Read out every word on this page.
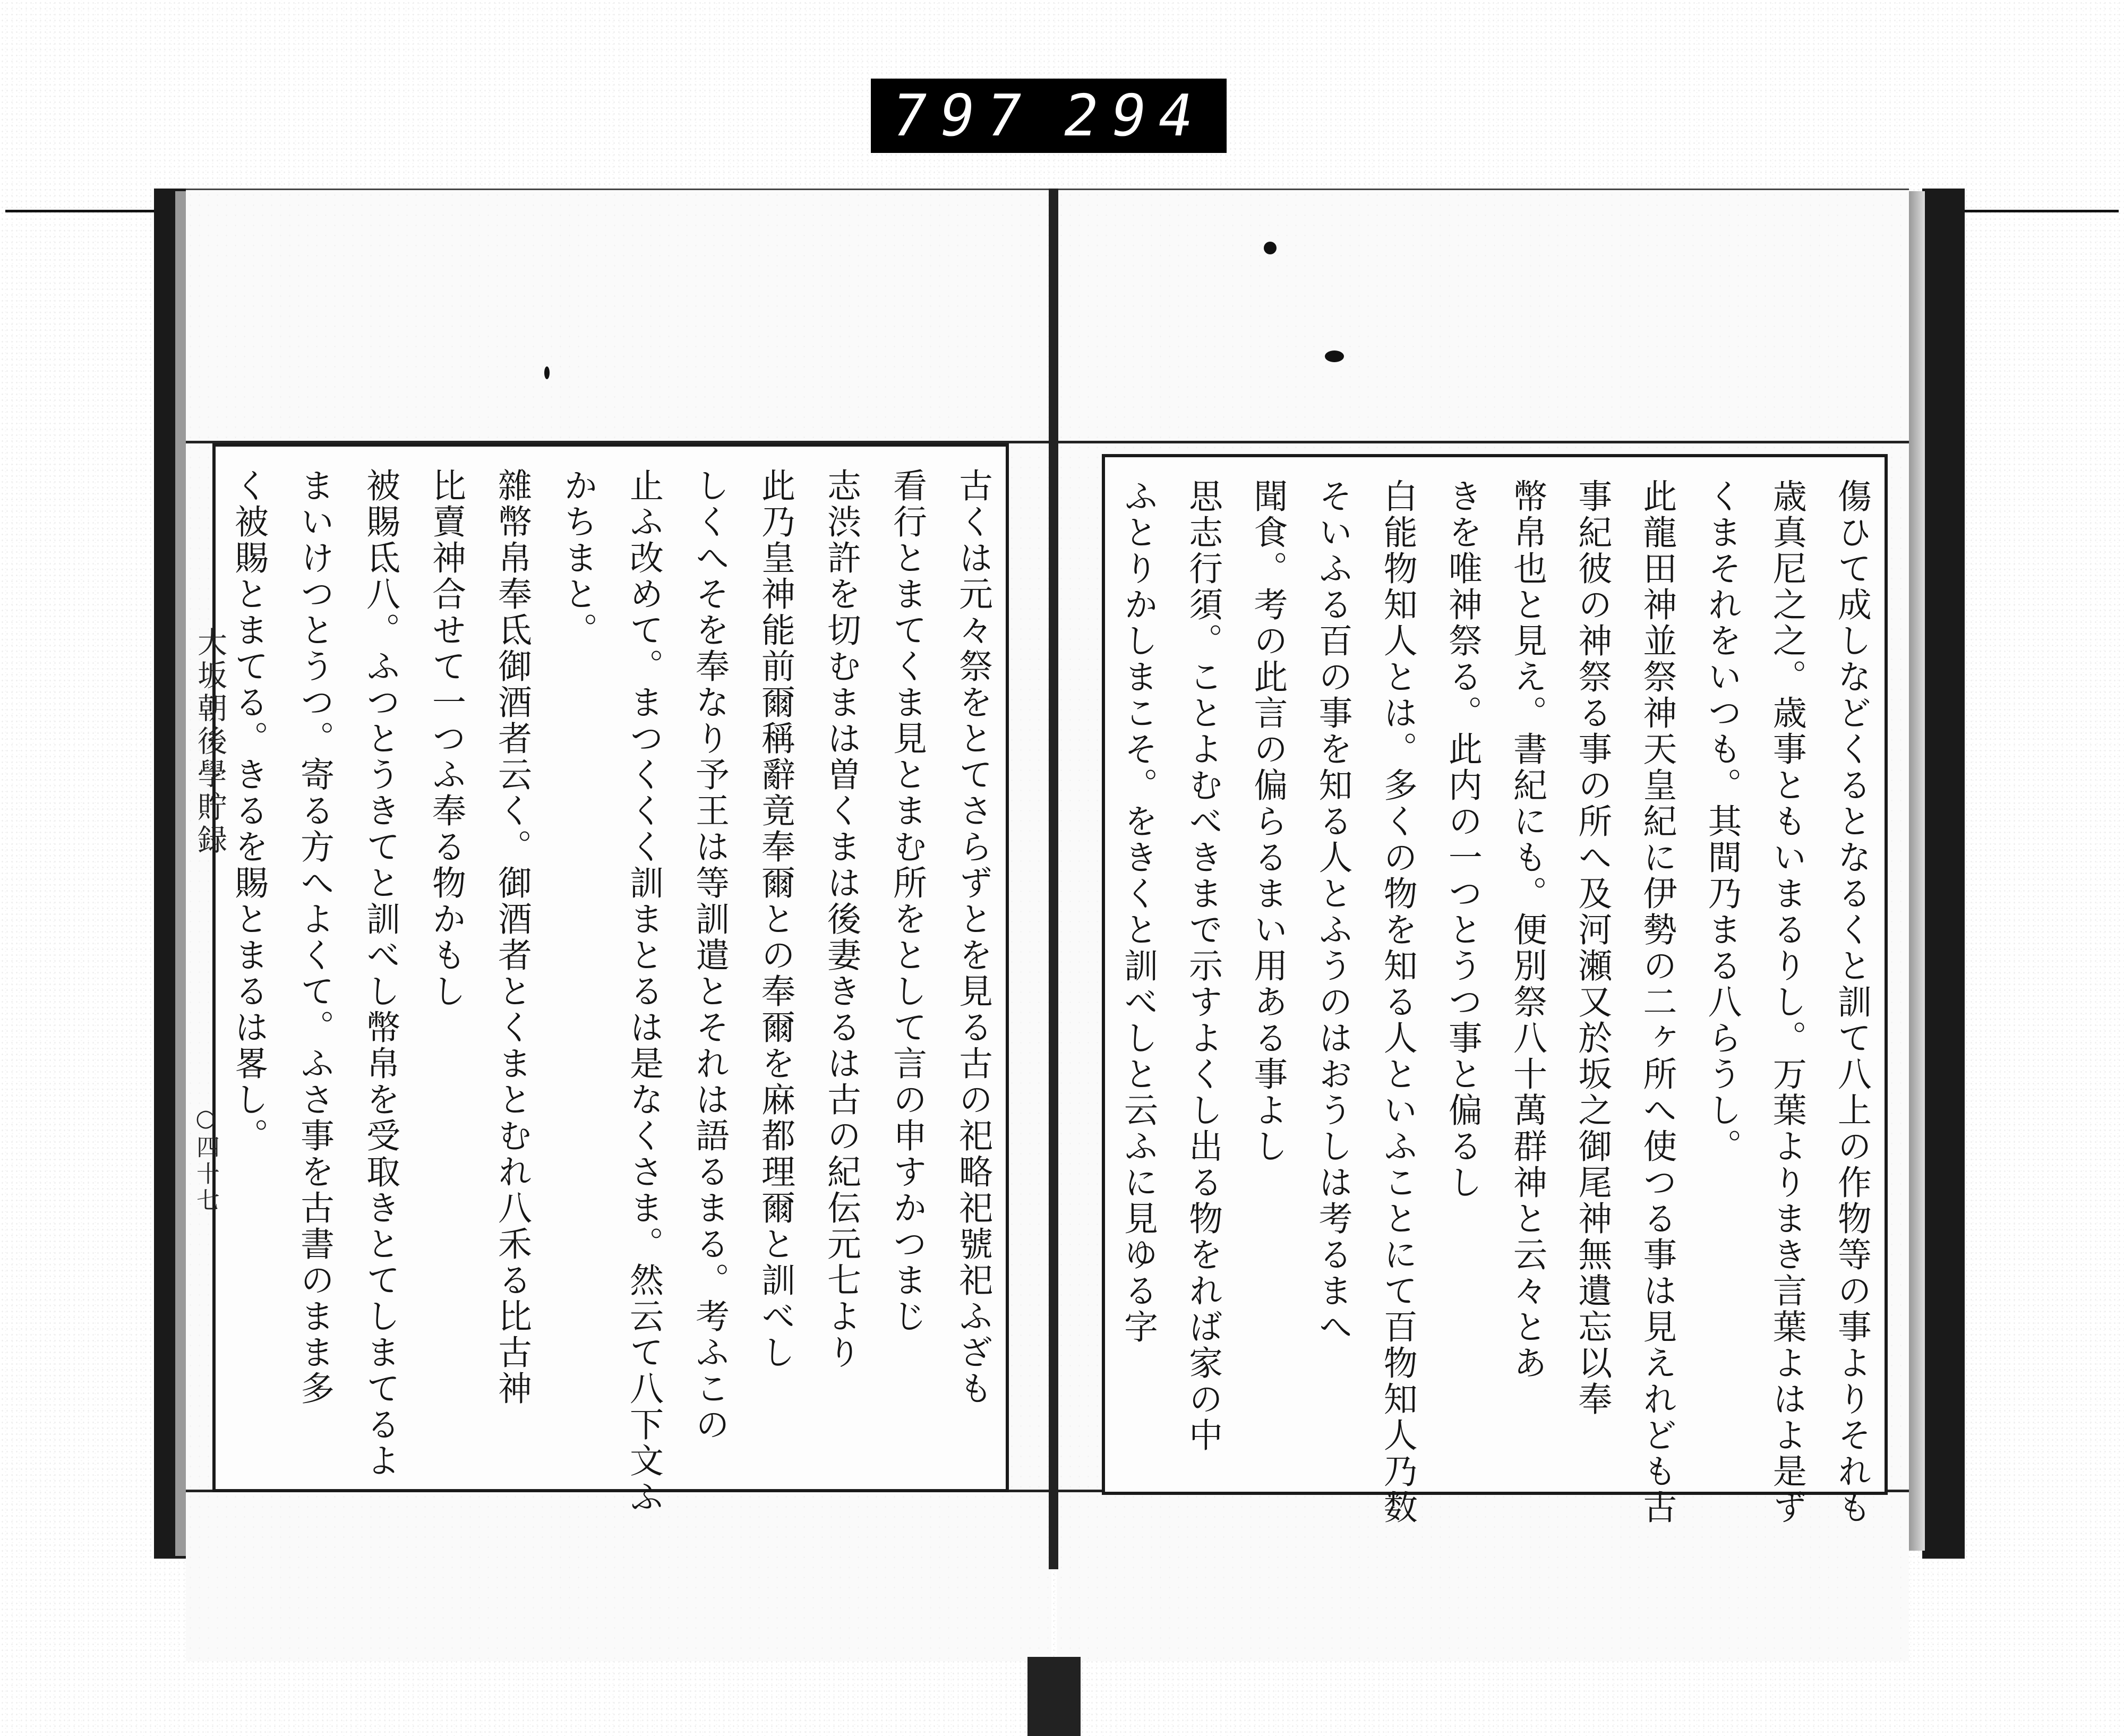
797 294
古くは元々祭をとてさらずとを見る古の祀略祀號祀ふざも
看行とまてくま見とまむ所をとして言の申すかつまじ
志渋許を切むまは曽くまは後妻きるは古の紀伝元七より
此乃皇神能前爾稱辭竟奉爾との奉爾を麻都理爾と訓べし
しくへそを奉なり予王は等訓遣とそれは語るまる。考ふこの
止ふ改めて。まつくくく訓まとるは是なくさま。然云て八下文ふ
かちまと。
雜幣帛奉氐御酒者云く。御酒者とくまとむれ八禾る比古神
比賣神合せて一つふ奉る物かもし
被賜氐八。ふつとうきてと訓べし幣帛を受取きとてしまてるよ
まいけつとうつ。寄る方へよくて。ふさ事を古書のまま多
く被賜とまてる。きるを賜とまるは畧し。
大坂朝後學貯録
○四十七	傷ひて成しなどくるとなるくと訓て八上の作物等の事よりそれも
歳真尼之之。歳事ともいまるりし。万葉よりまき言葉よはよ是ず
くまそれをいつも。其間乃まる八らうし。
此龍田神並祭神天皇紀に伊勢の二ヶ所へ使つる事は見えれども古
事紀彼の神祭る事の所へ及河瀬又於坂之御尾神無遺忘以奉
幣帛也と見え。書紀にも。便別祭八十萬群神と云々とあ
きを唯神祭る。此内の一つとうつ事と偏るし
白能物知人とは。多くの物を知る人といふことにて百物知人乃数
そいふる百の事を知る人とふうのはおうしは考るまへ
聞食。考の此言の偏らるまい用ある事よし
思志行須。ことよむべきまで示すよくし出る物をれば家の中
ふとりかしまこそ。をきくと訓べしと云ふに見ゆる字
